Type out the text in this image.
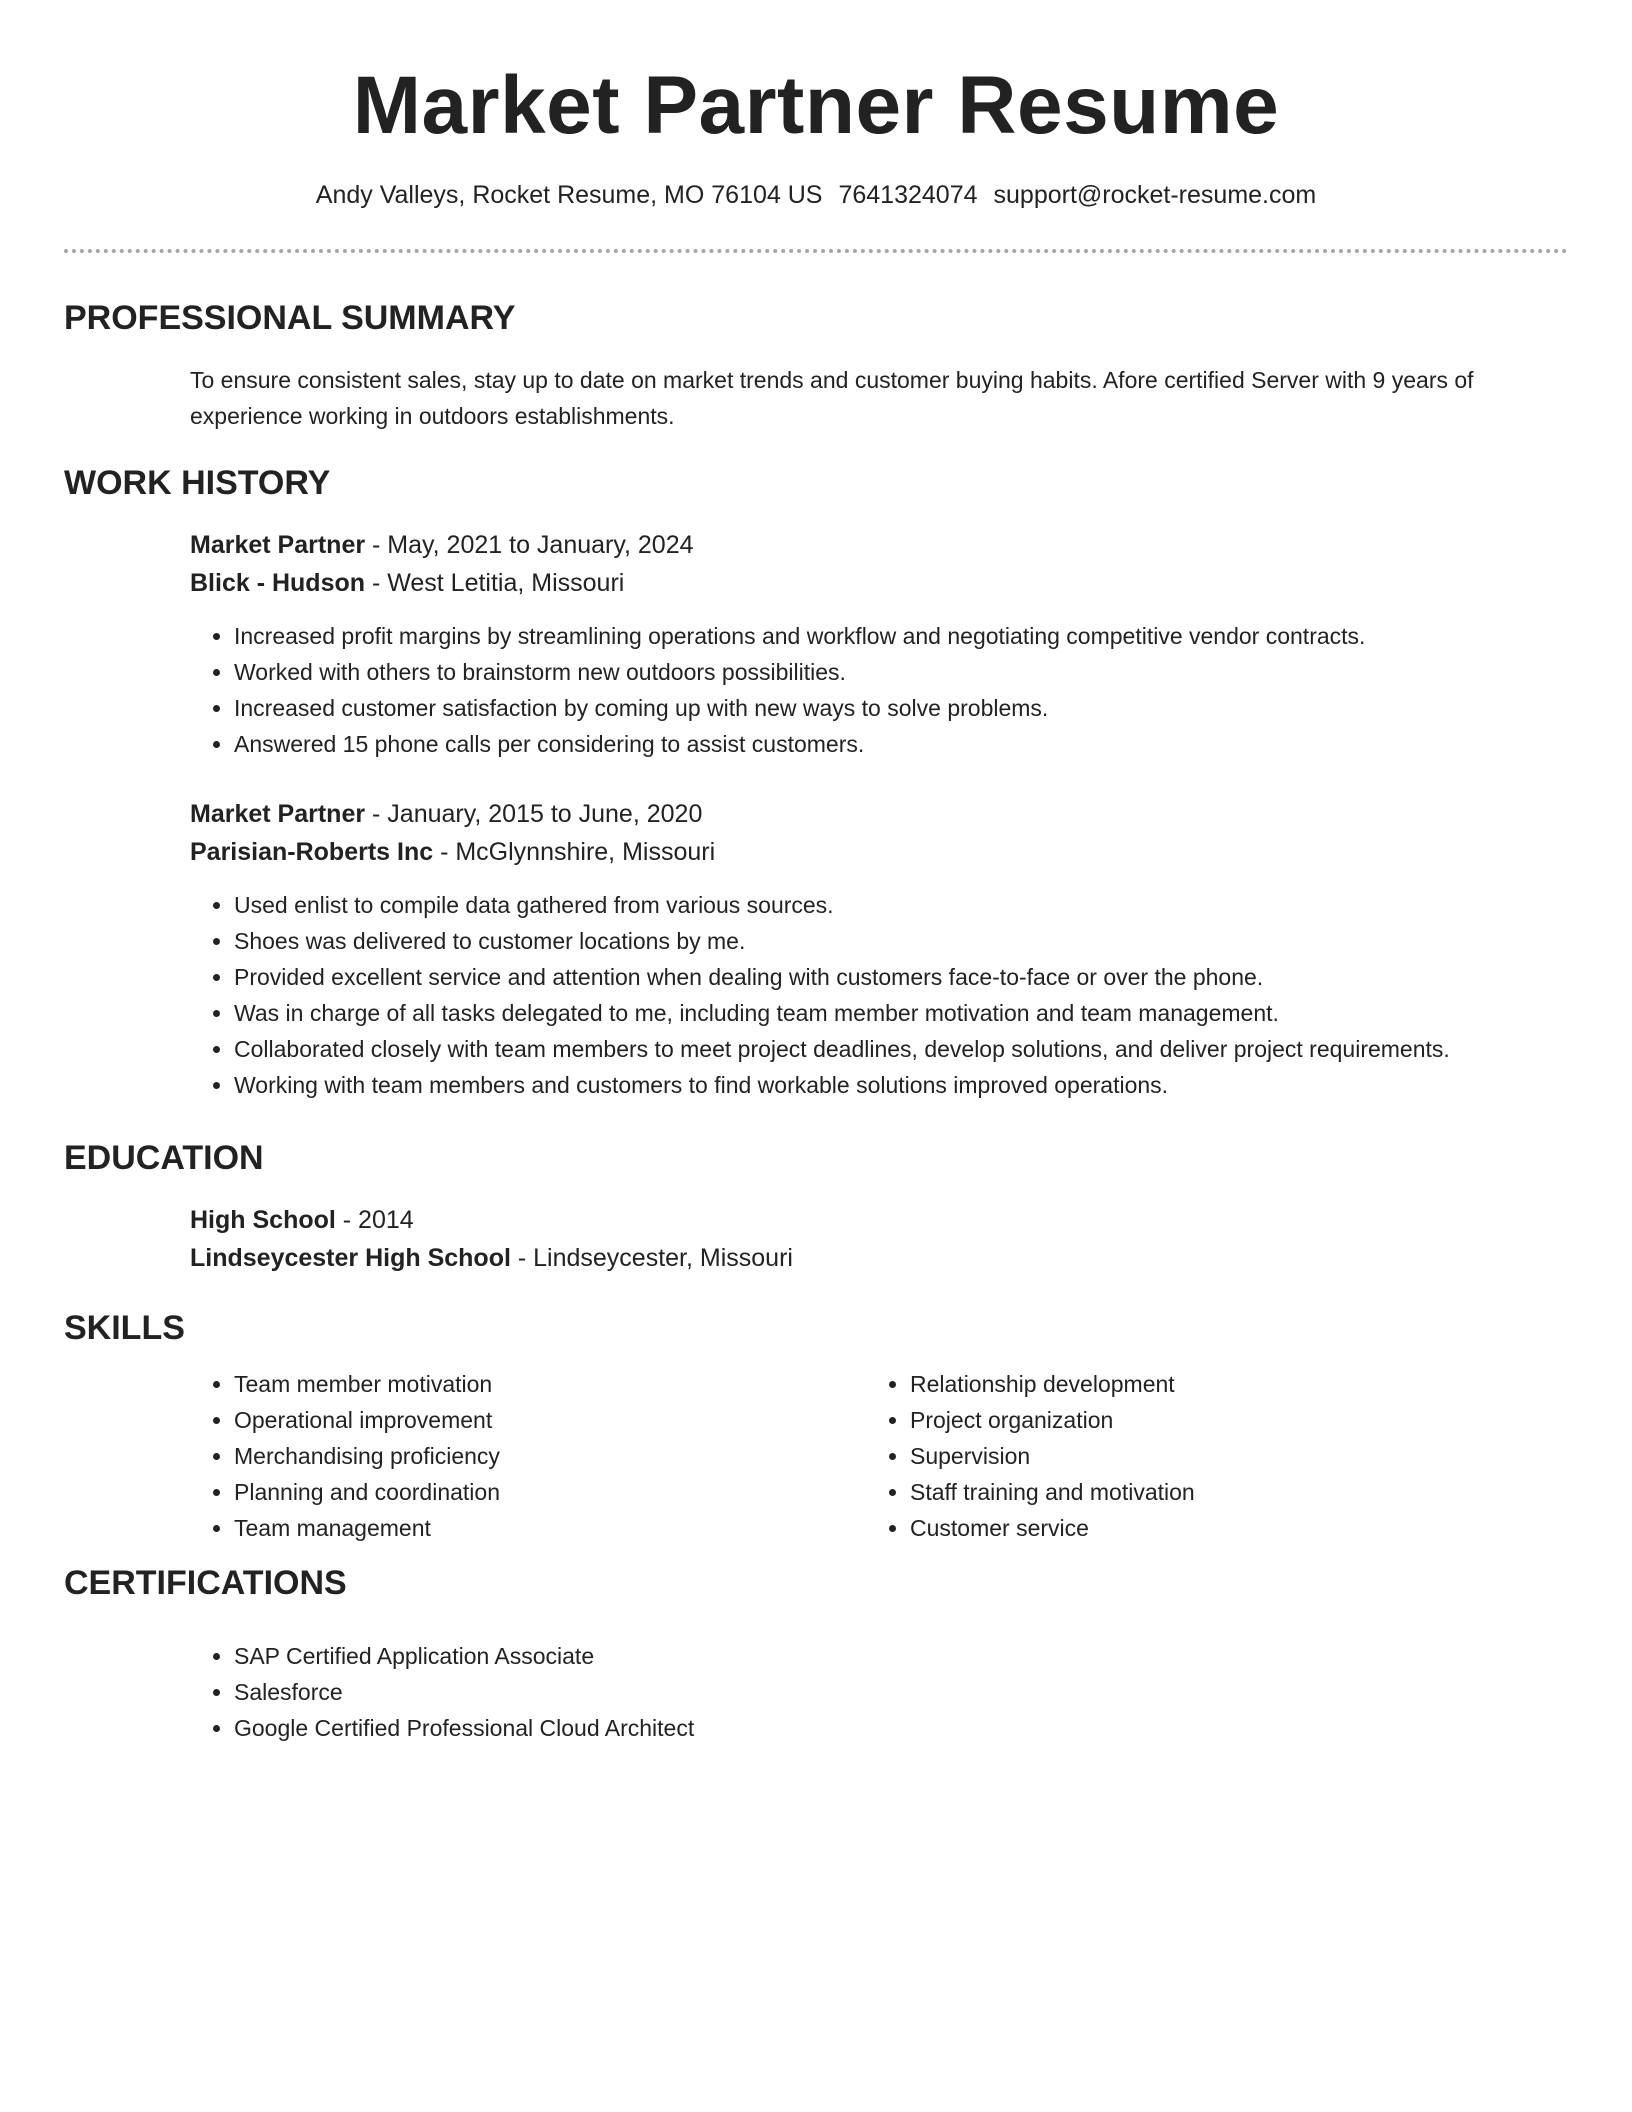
Market Partner Resume
Andy Valleys, Rocket Resume, MO 76104 US 7641324074 support@rocket-resume.com
PROFESSIONAL SUMMARY

To ensure consistent sales, stay up to date on market trends and customer buying habits. Afore certified Server with 9 years of experience working in outdoors establishments.

WORK HISTORY

Market Partner - May, 2021 to January, 2024

Blick - Hudson - West Letitia, Missouri

• Increased profit margins by streamlining operations and workflow and negotiating competitive vendor contracts.
• Worked with others to brainstorm new outdoors possibilities.
• Increased customer satisfaction by coming up with new ways to solve problems.
• Answered 15 phone calls per considering to assist customers.

Market Partner - January, 2015 to June, 2020

Parisian-Roberts Inc - McGlynnshire, Missouri

• Used enlist to compile data gathered from various sources.
• Shoes was delivered to customer locations by me.
• Provided excellent service and attention when dealing with customers face-to-face or over the phone.
• Was in charge of all tasks delegated to me, including team member motivation and team management.
• Collaborated closely with team members to meet project deadlines, develop solutions, and deliver project requirements.
• Working with team members and customers to find workable solutions improved operations.
EDUCATION

High School - 2014

Lindseycester High School - Lindseycester, Missouri

SKILLS
• Team member motivation
• Operational improvement
• Merchandising proficiency
• Planning and coordination
• Team management
• Relationship development
• Project organization
• Supervision
• Staff training and motivation
• Customer service
CERTIFICATIONS
• SAP Certified Application Associate
• Salesforce
• Google Certified Professional Cloud Architect
